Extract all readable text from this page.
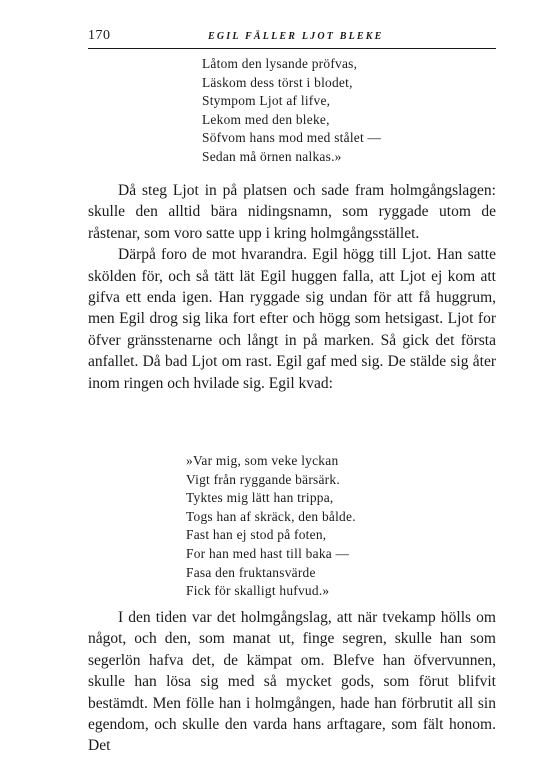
170	EGIL FÄLLER LJOT BLEKE
Låtom den lysande pröfvas,
Läskom dess törst i blodet,
Stympom Ljot af lifve,
Lekom med den bleke,
Söfvom hans mod med stålet —
Sedan må örnen nalkas.»

Då steg Ljot in på platsen och sade fram holmgångslagen: skulle den alltid bära nidingsnamn, som ryggade utom de råstenar, som voro satte upp i kring holmgångsstället.

Därpå foro de mot hvarandra. Egil högg till Ljot. Han satte skölden för, och så tätt lät Egil huggen falla, att Ljot ej kom att gifva ett enda igen. Han ryggade sig undan för att få huggrum, men Egil drog sig lika fort efter och högg som hetsigast. Ljot for öfver gränsstenarne och långt in på marken. Så gick det första anfallet. Då bad Ljot om rast. Egil gaf med sig. De stälde sig åter inom ringen och hvilade sig. Egil kvad:

»Var mig, som veke lyckan
Vigt från ryggande bärsärk.
Tyktes mig lätt han trippa,
Togs han af skräck, den bålde.
Fast han ej stod på foten,
For han med hast till baka —
Fasa den fruktansvärde
Fick för skalligt hufvud.»

I den tiden var det holmgångslag, att när tvekamp hölls om något, och den, som manat ut, finge segren, skulle han som segerlön hafva det, de kämpat om. Blefve han öfvervunnen, skulle han lösa sig med så mycket gods, som förut blifvit bestämdt. Men fölle han i holmgången, hade han förbrutit all sin egendom, och skulle den varda hans arftagare, som fält honom. Det
